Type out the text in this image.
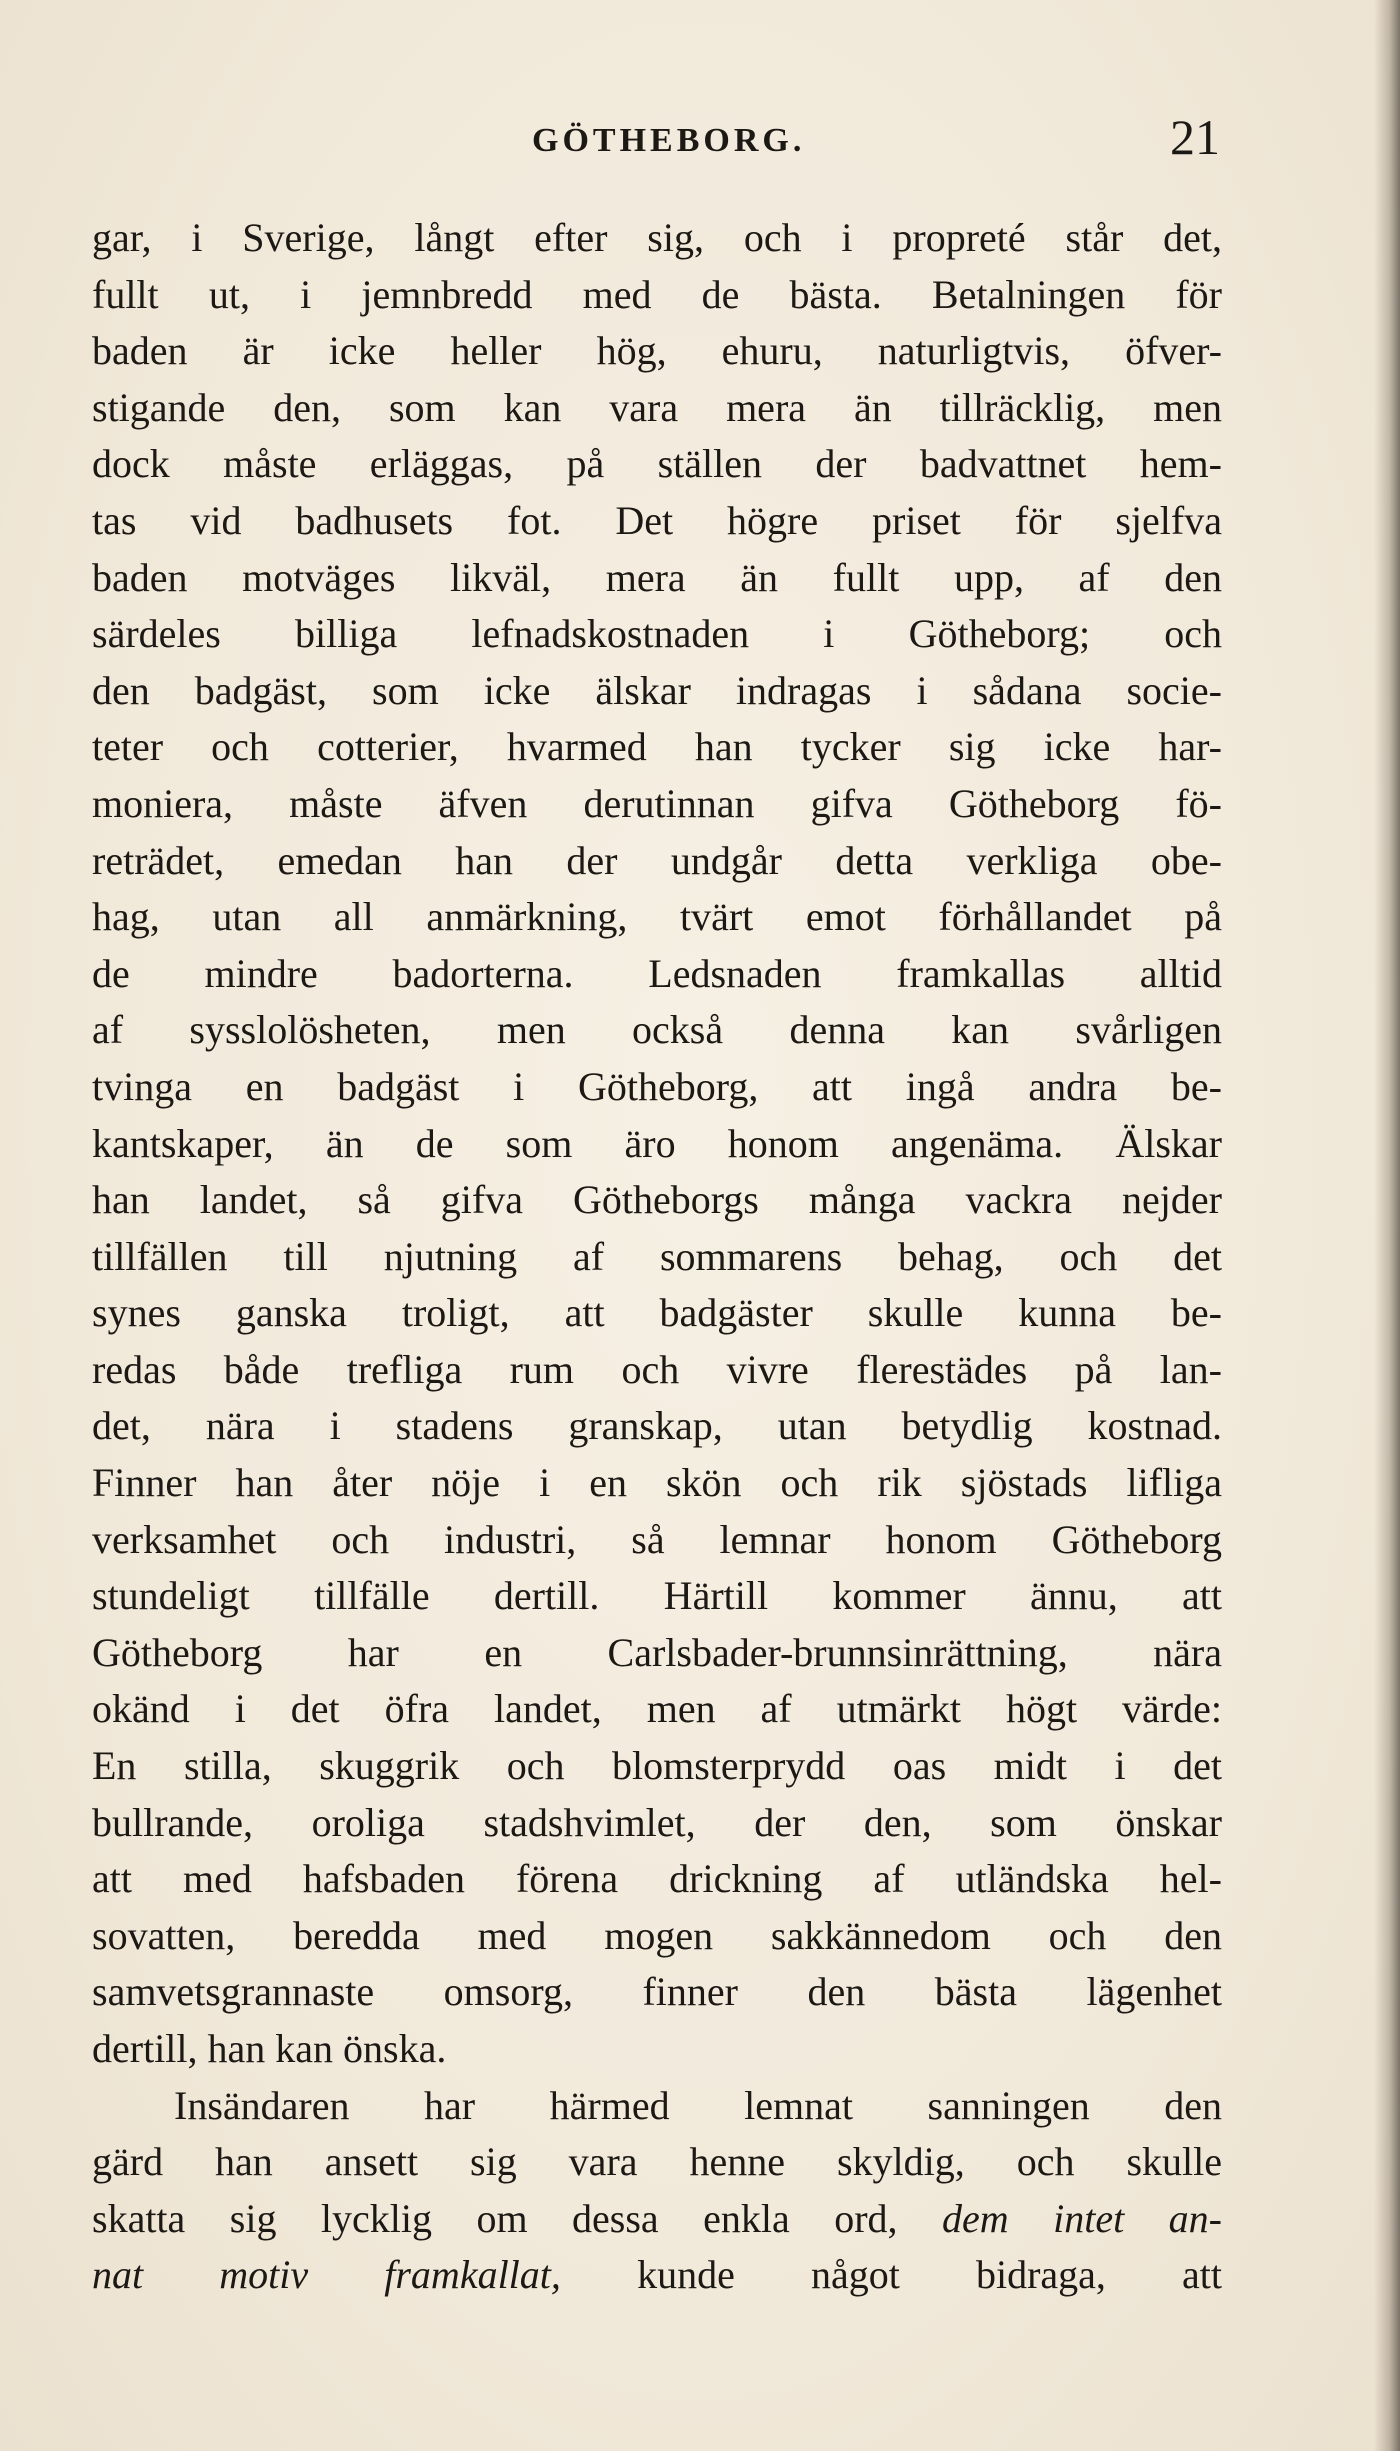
GÖTHEBORG.	21
gar, i Sverige, långt efter sig, och i propreté står det,
fullt ut, i jemnbredd med de bästa. Betalningen för
baden är icke heller hög, ehuru, naturligtvis, öfver-
stigande den, som kan vara mera än tillräcklig, men
dock måste erläggas, på ställen der badvattnet hem-
tas vid badhusets fot. Det högre priset för sjelfva
baden motväges likväl, mera än fullt upp, af den
särdeles billiga lefnadskostnaden i Götheborg; och
den badgäst, som icke älskar indragas i sådana socie-
teter och cotterier, hvarmed han tycker sig icke har-
moniera, måste äfven derutinnan gifva Götheborg fö-
reträdet, emedan han der undgår detta verkliga obe-
hag, utan all anmärkning, tvärt emot förhållandet på
de mindre badorterna. Ledsnaden framkallas alltid
af sysslolösheten, men också denna kan svårligen
tvinga en badgäst i Götheborg, att ingå andra be-
kantskaper, än de som äro honom angenäma. Älskar
han landet, så gifva Götheborgs många vackra nejder
tillfällen till njutning af sommarens behag, och det
synes ganska troligt, att badgäster skulle kunna be-
redas både trefliga rum och vivre flerestädes på lan-
det, nära i stadens granskap, utan betydlig kostnad.
Finner han åter nöje i en skön och rik sjöstads lifliga
verksamhet och industri, så lemnar honom Götheborg
stundeligt tillfälle dertill. Härtill kommer ännu, att
Götheborg har en Carlsbader-brunnsinrättning, nära
okänd i det öfra landet, men af utmärkt högt värde:
En stilla, skuggrik och blomsterprydd oas midt i det
bullrande, oroliga stadshvimlet, der den, som önskar
att med hafsbaden förena drickning af utländska hel-
sovatten, beredda med mogen sakkännedom och den
samvetsgrannaste omsorg, finner den bästa lägenhet
dertill, han kan önska.
Insändaren har härmed lemnat sanningen den
gärd han ansett sig vara henne skyldig, och skulle
skatta sig lycklig om dessa enkla ord, dem intet an-
nat motiv framkallat, kunde något bidraga, att
